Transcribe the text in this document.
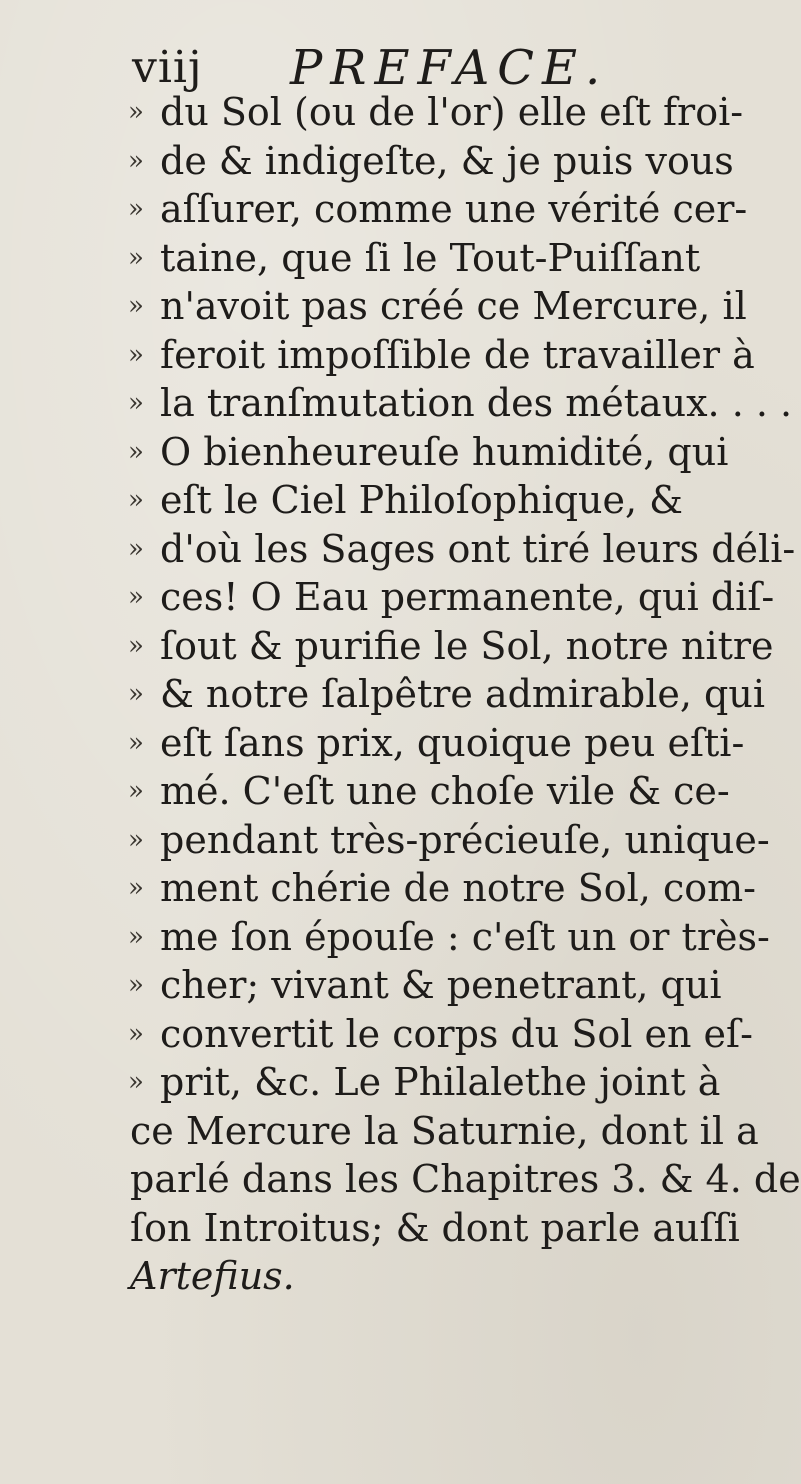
viij PREFACE.
» du Sol (ou de l'or) elle eſt froi-
» de & indigeſte, & je puis vous
» aſſurer, comme une vérité cer-
» taine, que ſi le Tout-Puiſſant
» n'avoit pas créé ce Mercure, il
» feroit impoſſible de travailler à
» la tranſmutation des métaux. . . .
» O bienheureuſe humidité, qui
» eſt le Ciel Philoſophique, &
» d'où les Sages ont tiré leurs déli-
» ces! O Eau permanente, qui diſ-
» ſout & purifie le Sol, notre nitre
» & notre ſalpêtre admirable, qui
» eſt ſans prix, quoique peu eſti-
» mé. C'eſt une choſe vile & ce-
» pendant très-précieuſe, unique-
» ment chérie de notre Sol, com-
» me ſon épouſe : c'eſt un or très-
» cher; vivant & penetrant, qui
» convertit le corps du Sol en eſ-
» prit, &c. Le Philalethe joint à
ce Mercure la Saturnie, dont il a
parlé dans les Chapitres 3. & 4. de
ſon Introitus; & dont parle auſſi
Artefius.
